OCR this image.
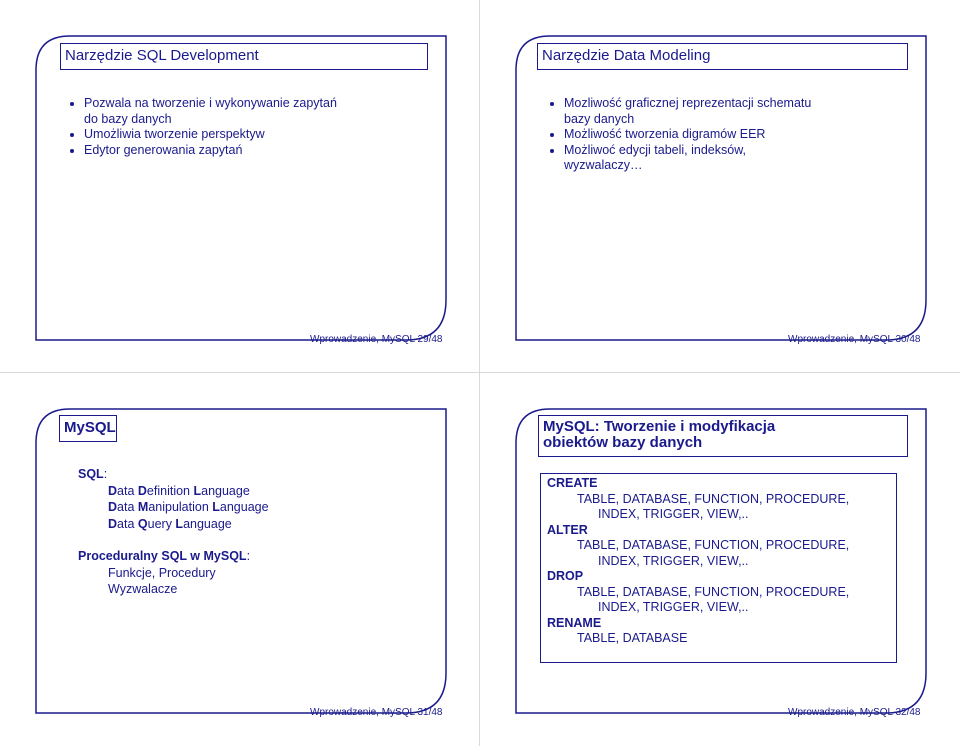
Narzędzie SQL Development
Pozwala na tworzenie i wykonywanie zapytań
do bazy danych
Umożliwia tworzenie perspektyw
Edytor generowania zapytań
Wprowadzenie, MySQL 29/48
Narzędzie Data Modeling
Mozliwość graficznej reprezentacji schematu
bazy danych
Możliwość tworzenia digramów EER
Możliwoć edycji tabeli, indeksów,
wyzwalaczy…
Wprowadzenie, MySQL 30/48
MySQL
SQL:
Data Definition Language
Data Manipulation Language
Data Query Language
Proceduralny SQL w MySQL:
Funkcje, Procedury
Wyzwalacze
Wprowadzenie, MySQL 31/48
MySQL: Tworzenie i modyfikacja
obiektów bazy danych
CREATE
TABLE, DATABASE, FUNCTION, PROCEDURE,
INDEX, TRIGGER, VIEW,..
ALTER
TABLE, DATABASE, FUNCTION, PROCEDURE,
INDEX, TRIGGER, VIEW,..
DROP
TABLE, DATABASE, FUNCTION, PROCEDURE,
INDEX, TRIGGER, VIEW,..
RENAME
TABLE, DATABASE
Wprowadzenie, MySQL 32/48
